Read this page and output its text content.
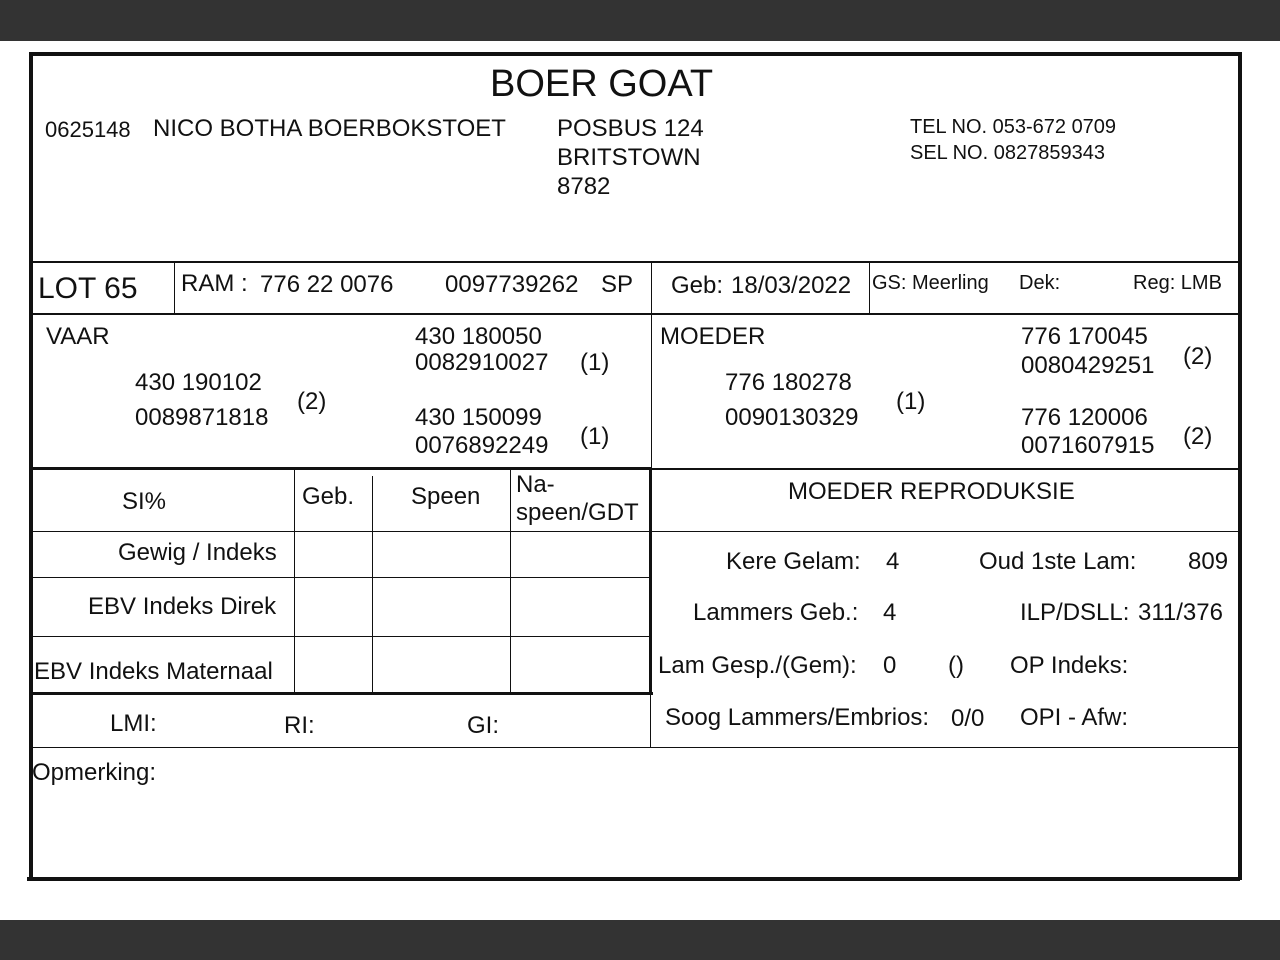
BOER GOAT
0625148 NICO BOTHA BOERBOKSTOET POSBUS 124
BRITSTOWN
8782
TEL NO. 053-672 0709
SEL NO. 0827859343
LOT 65 RAM : 776 22 0076 0097739262 SP Geb: 18/03/2022 GS: Meerling Dek:	Reg: LMB
VAAR
430 190102
0089871818
(2)
430 180050
0082910027 (1)
430 150099
0076892249 (1)
MOEDER
776 180278
0090130329
(1)
776 170045
0080429251 (2)
776 120006
0071607915 (2)
SI%	Geb. Speen Na-
speen/GDT
Gewig / Indeks
EBV Indeks Direk
EBV Indeks Maternaal
LMI:	RI:	GI:
MOEDER REPRODUKSIE
Kere Gelam: 4	Oud 1ste Lam: 809
Lammers Geb.: 4	ILP/DSLL: 311/376
Lam Gesp./(Gem): 0 () OP Indeks:
Soog Lammers/Embrios: 0/0 OPI - Afw:
Opmerking:
